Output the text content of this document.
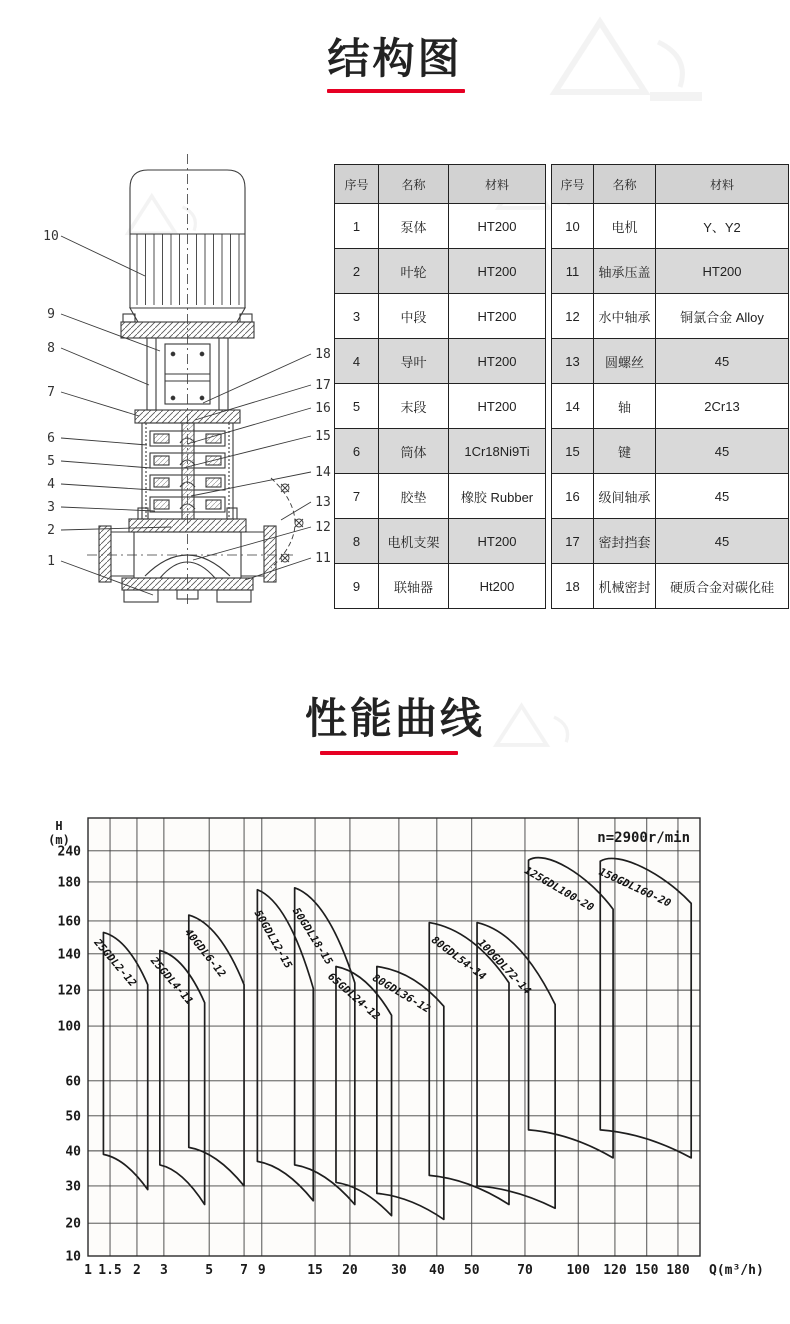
结构图
10
9
8
7
6
5
4
3
2
1
18
17
16
15
14
13
12
11
序号	名称	材料
1	泵体	HT200
2	叶轮	HT200
3	中段	HT200
4	导叶	HT200
5	末段	HT200
6	筒体	1Cr18Ni9Ti
7	胶垫	橡胶 Rubber
8	电机支架	HT200
9	联轴器	Ht200
序号	名称	材料
10	电机	Y、Y2
11	轴承压盖	HT200
12	水中轴承	铜氯合金 Alloy
13	圆螺丝	45
14	轴	2Cr13
15	键	45
16	级间轴承	45
17	密封挡套	45
18	机械密封	硬质合金对碳化硅
性能曲线
1 1.5 2 3	5 7 9	15 20	30 40 50	70	100 120 150 180
240
180
160
140
120
100
60
50
40
30
20
10
H
(m)
Q(m³/h)
n=2900r/min
25GDL2-12 25GDL4-11
40GDL6-12 50GDL12-15
50GDL18-15
65GDL24-12
80GDL36-12
80GDL54-14
100GDL72-14
125GDL100-20 150GDL160-20
